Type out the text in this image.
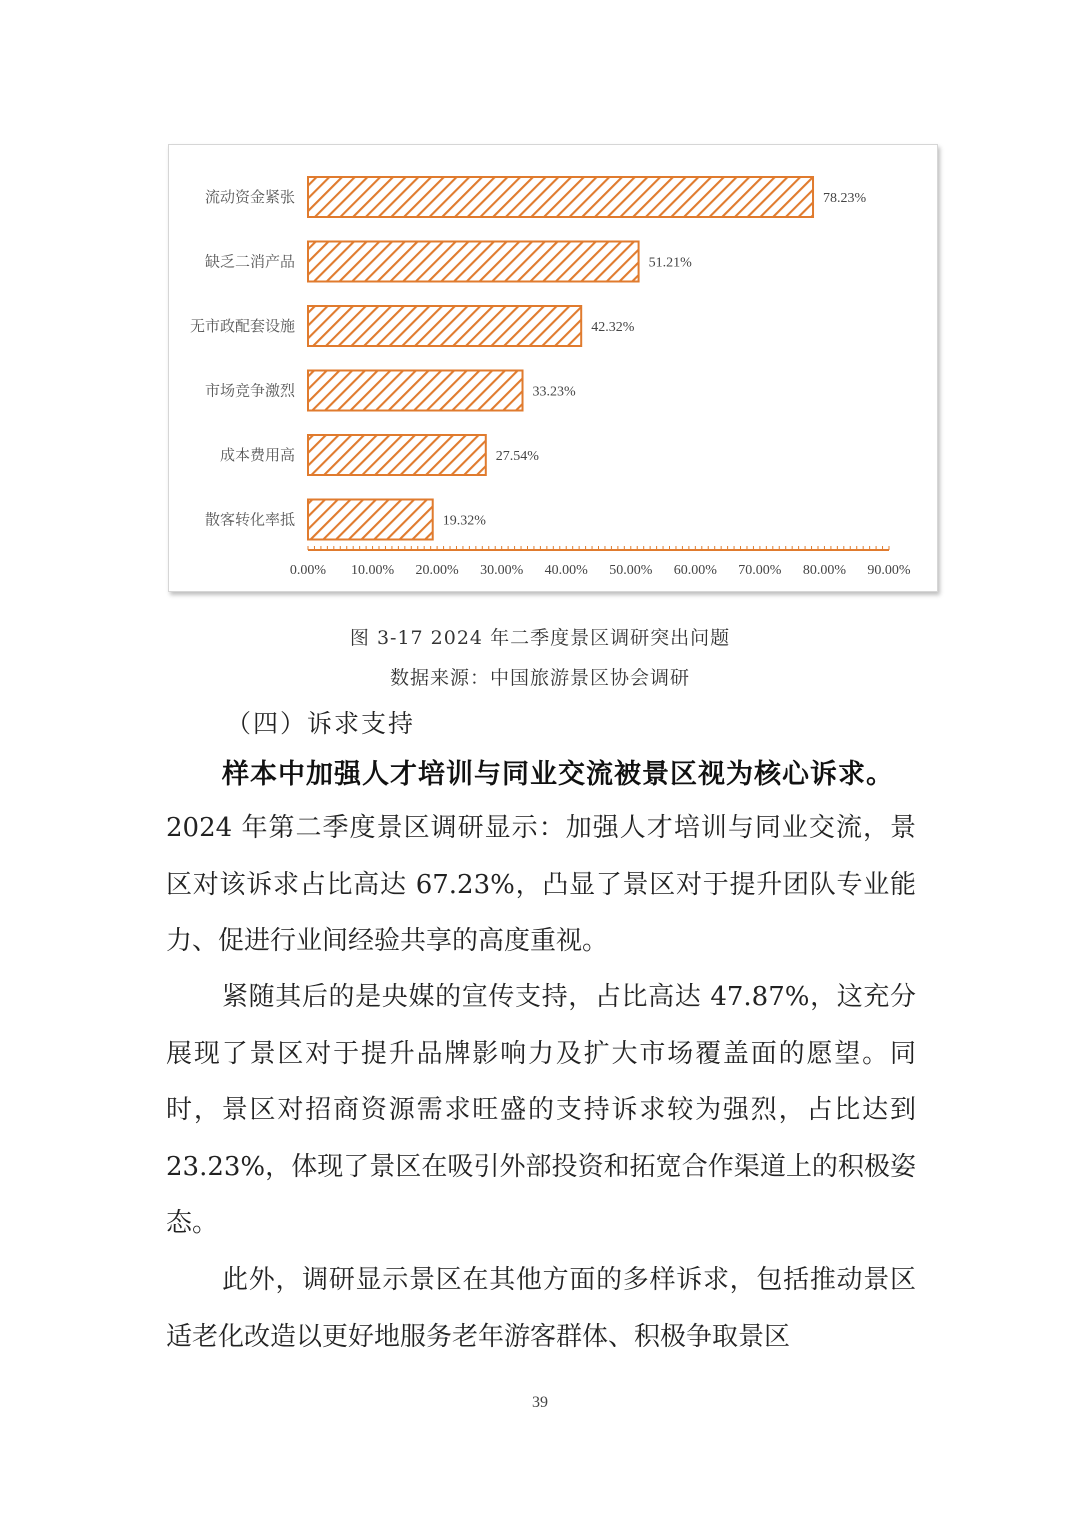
流动资金紧张	78.23%
缺乏二消产品	51.21%
无市政配套设施	42.32%
市场竞争激烈	33.23%
成本费用高	27.54%
散客转化率抵	19.32%
0.00% 10.00% 20.00% 30.00% 40.00% 50.00% 60.00% 70.00% 80.00% 90.00%
图 3-17 2024 年二季度景区调研突出问题
数据来源：中国旅游景区协会调研
（四）诉求支持
样本中加强人才培训与同业交流被景区视为核心诉求。

2024 年第二季度景区调研显示：加强人才培训与同业交流，景区对该诉求占比高达 67.23%，凸显了景区对于提升团队专业能力、促进行业间经验共享的高度重视。

紧随其后的是央媒的宣传支持，占比高达 47.87%，这充分展现了景区对于提升品牌影响力及扩大市场覆盖面的愿望。同时，景区对招商资源需求旺盛的支持诉求较为强烈，占比达到 23.23%，体现了景区在吸引外部投资和拓宽合作渠道上的积极姿态。

此外，调研显示景区在其他方面的多样诉求，包括推动景区适老化改造以更好地服务老年游客群体、积极争取景区

39
